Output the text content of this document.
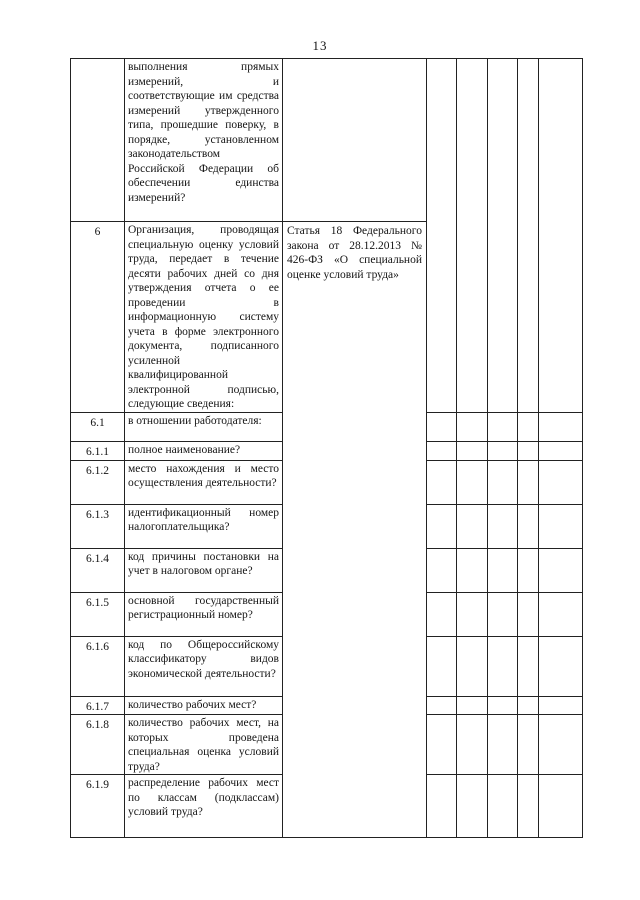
13

	выполнения прямых измерений, и соответствующие им средства измерений утвержденного типа, прошедшие поверку, в порядке, установленном законодательством Российской Федерации об обеспечении единства измерений?						

6	Организация, проводящая специальную оценку условий труда, передает в течение десяти рабочих дней со дня утверждения отчета о ее проведении в информационную систему учета в форме электронного документа, подписанного усиленной квалифицированной электронной подписью, следующие сведения:	Статья 18 Федерального закона от 28.12.2013 № 426-ФЗ «О специальной оценке условий труда»					

6.1	в отношении работодателя:						

6.1.1	полное наименование?						

6.1.2	место нахождения и место осуществления деятельности?						

6.1.3	идентификационный номер налогоплательщика?						

6.1.4	код причины постановки на учет в налоговом органе?						

6.1.5	основной государственный регистрационный номер?						

6.1.6	код по Общероссийскому классификатору видов экономической деятельности?						

6.1.7	количество рабочих мест?						

6.1.8	количество рабочих мест, на которых проведена специальная оценка условий труда?						

6.1.9	распределение рабочих мест по классам (подклассам) условий труда?						
